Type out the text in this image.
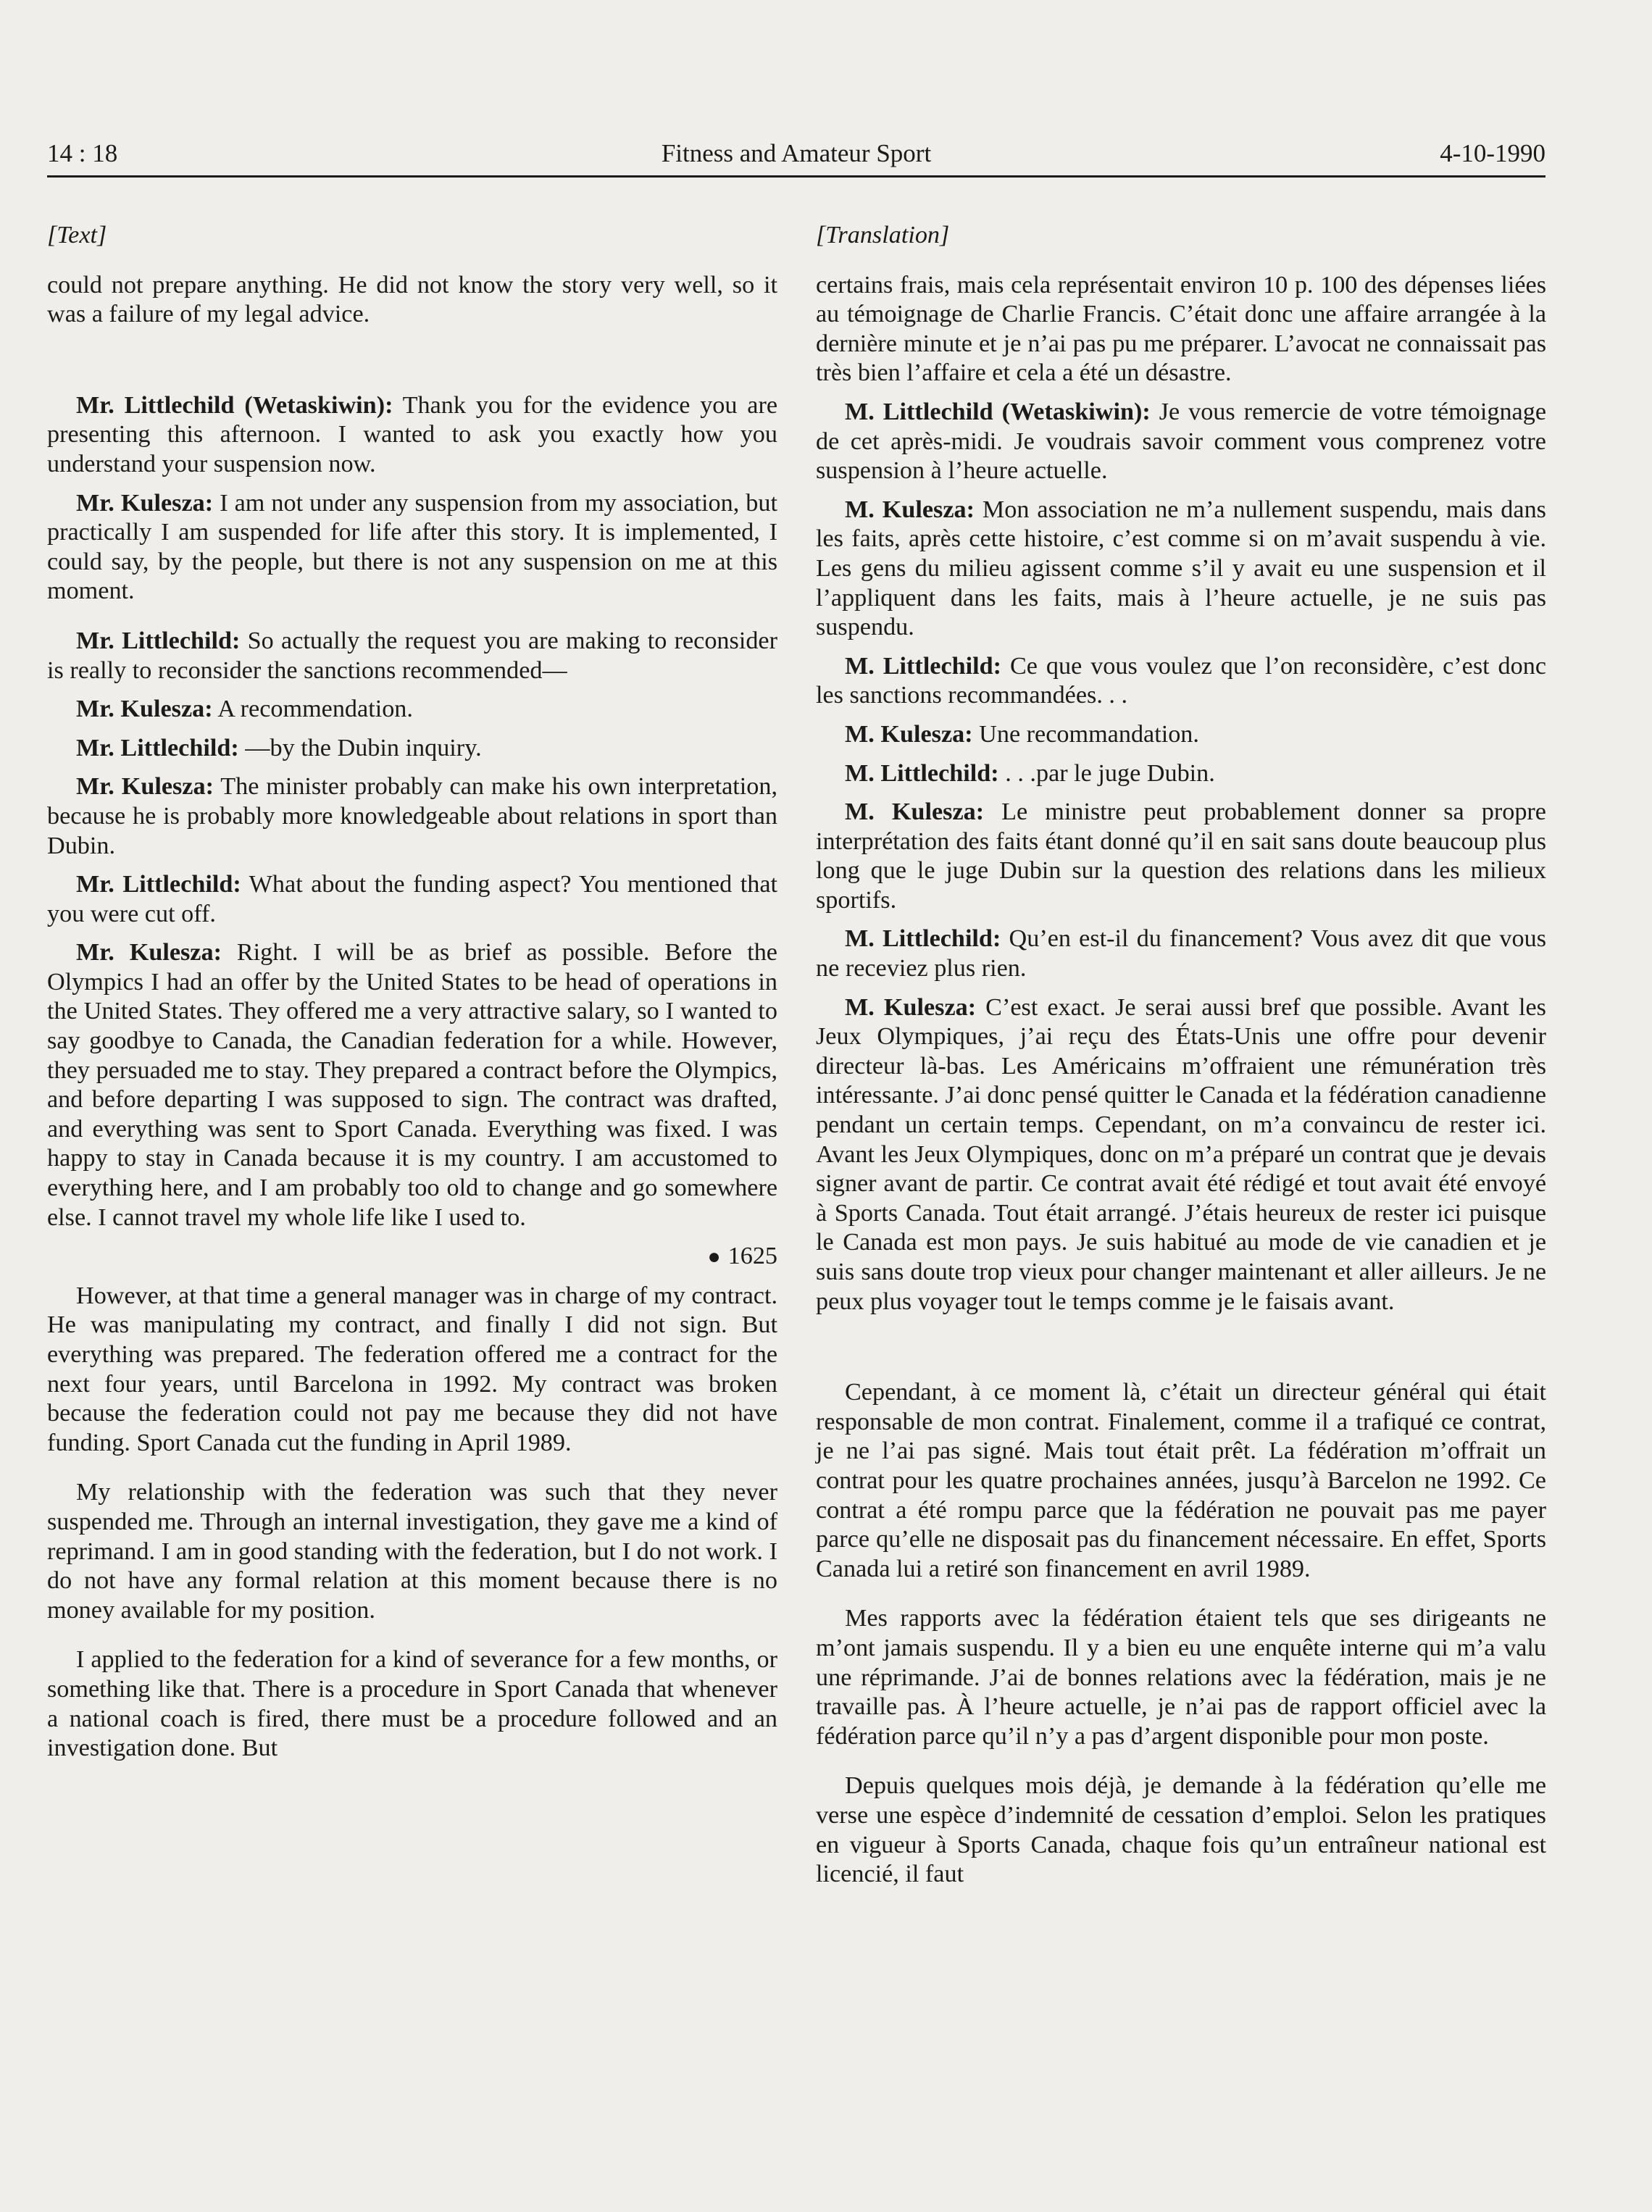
Fitness and Amateur Sport
14 : 18	4-10-1990
[Text]

could not prepare anything. He did not know the story very well, so it was a failure of my legal advice.

Mr. Littlechild (Wetaskiwin): Thank you for the evidence you are presenting this afternoon. I wanted to ask you exactly how you understand your suspension now.

Mr. Kulesza: I am not under any suspension from my association, but practically I am suspended for life after this story. It is implemented, I could say, by the people, but there is not any suspension on me at this moment.

Mr. Littlechild: So actually the request you are making to reconsider is really to reconsider the sanctions recommended—

Mr. Kulesza: A recommendation.

Mr. Littlechild: —by the Dubin inquiry.

Mr. Kulesza: The minister probably can make his own interpretation, because he is probably more knowledgeable about relations in sport than Dubin.

Mr. Littlechild: What about the funding aspect? You mentioned that you were cut off.

Mr. Kulesza: Right. I will be as brief as possible. Before the Olympics I had an offer by the United States to be head of operations in the United States. They offered me a very attractive salary, so I wanted to say goodbye to Canada, the Canadian federation for a while. However, they persuaded me to stay. They prepared a contract before the Olympics, and before departing I was supposed to sign. The contract was drafted, and everything was sent to Sport Canada. Everything was fixed. I was happy to stay in Canada because it is my country. I am accustomed to everything here, and I am probably too old to change and go somewhere else. I cannot travel my whole life like I used to.

● 1625

However, at that time a general manager was in charge of my contract. He was manipulating my contract, and finally I did not sign. But everything was prepared. The federation offered me a contract for the next four years, until Barcelona in 1992. My contract was broken because the federation could not pay me because they did not have funding. Sport Canada cut the funding in April 1989.

My relationship with the federation was such that they never suspended me. Through an internal investigation, they gave me a kind of reprimand. I am in good standing with the federation, but I do not work. I do not have any formal relation at this moment because there is no money available for my position.

I applied to the federation for a kind of severance for a few months, or something like that. There is a procedure in Sport Canada that whenever a national coach is fired, there must be a procedure followed and an investigation done. But

[Translation]

certains frais, mais cela représentait environ 10 p. 100 des dépenses liées au témoignage de Charlie Francis. C’était donc une affaire arrangée à la dernière minute et je n’ai pas pu me préparer. L’avocat ne connaissait pas très bien l’affaire et cela a été un désastre.

M. Littlechild (Wetaskiwin): Je vous remercie de votre témoignage de cet après-midi. Je voudrais savoir comment vous comprenez votre suspension à l’heure actuelle.

M. Kulesza: Mon association ne m’a nullement suspendu, mais dans les faits, après cette histoire, c’est comme si on m’avait suspendu à vie. Les gens du milieu agissent comme s’il y avait eu une suspension et il l’appliquent dans les faits, mais à l’heure actuelle, je ne suis pas suspendu.

M. Littlechild: Ce que vous voulez que l’on reconsidère, c’est donc les sanctions recommandées. . .

M. Kulesza: Une recommandation.

M. Littlechild: . . .par le juge Dubin.

M. Kulesza: Le ministre peut probablement donner sa propre interprétation des faits étant donné qu’il en sait sans doute beaucoup plus long que le juge Dubin sur la question des relations dans les milieux sportifs.

M. Littlechild: Qu’en est-il du financement? Vous avez dit que vous ne receviez plus rien.

M. Kulesza: C’est exact. Je serai aussi bref que possible. Avant les Jeux Olympiques, j’ai reçu des États-Unis une offre pour devenir directeur là-bas. Les Américains m’offraient une rémunération très intéressante. J’ai donc pensé quitter le Canada et la fédération canadienne pendant un certain temps. Cependant, on m’a convaincu de rester ici. Avant les Jeux Olympiques, donc on m’a préparé un contrat que je devais signer avant de partir. Ce contrat avait été rédigé et tout avait été envoyé à Sports Canada. Tout était arrangé. J’étais heureux de rester ici puisque le Canada est mon pays. Je suis habitué au mode de vie canadien et je suis sans doute trop vieux pour changer maintenant et aller ailleurs. Je ne peux plus voyager tout le temps comme je le faisais avant.

Cependant, à ce moment là, c’était un directeur général qui était responsable de mon contrat. Finalement, comme il a trafiqué ce contrat, je ne l’ai pas signé. Mais tout était prêt. La fédération m’offrait un contrat pour les quatre prochaines années, jusqu’à Barcelon ne 1992. Ce contrat a été rompu parce que la fédération ne pouvait pas me payer parce qu’elle ne disposait pas du financement nécessaire. En effet, Sports Canada lui a retiré son financement en avril 1989.

Mes rapports avec la fédération étaient tels que ses dirigeants ne m’ont jamais suspendu. Il y a bien eu une enquête interne qui m’a valu une réprimande. J’ai de bonnes relations avec la fédération, mais je ne travaille pas. À l’heure actuelle, je n’ai pas de rapport officiel avec la fédération parce qu’il n’y a pas d’argent disponible pour mon poste.

Depuis quelques mois déjà, je demande à la fédération qu’elle me verse une espèce d’indemnité de cessation d’emploi. Selon les pratiques en vigueur à Sports Canada, chaque fois qu’un entraîneur national est licencié, il faut
